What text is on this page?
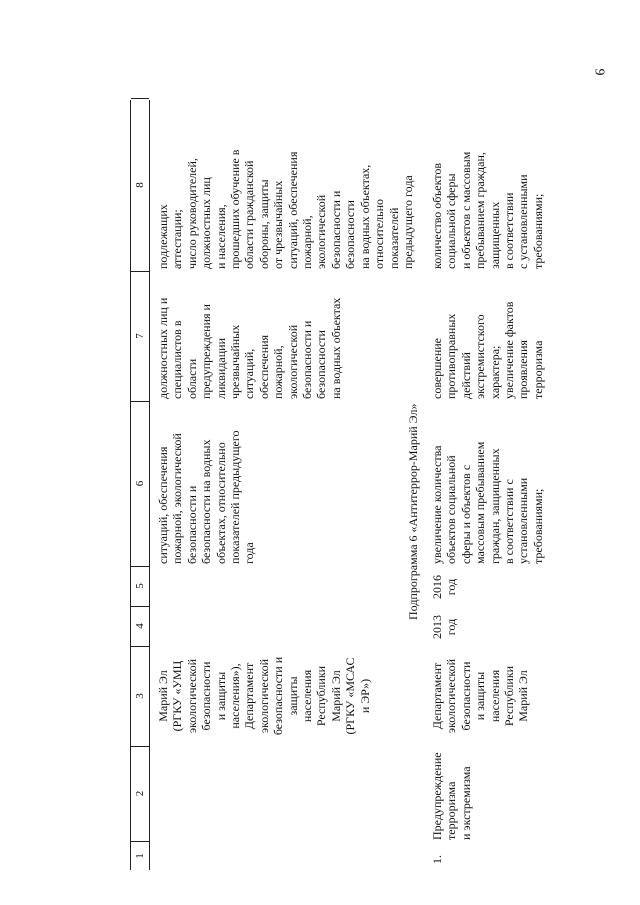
9
1
2
3
4
5
6
7
8
Марий Эл
(РГКУ «УМЦ
экологической
безопасности
и защиты
населения»),
Департамент
экологической
безопасности и
защиты
населения
Республики
Марий Эл
(РГКУ «МСАС
и ЭР»)
ситуаций, обеспечения
пожарной, экологической
безопасности и
безопасности на водных
объектах, относительно
показателей предыдущего
года
должностных лиц и
специалистов в
области
предупреждения и
ликвидации
чрезвычайных
ситуаций,
обеспечения
пожарной,
экологической
безопасности и
безопасности
на водных объектах
подлежащих
аттестации;
число руководителей,
должностных лиц
и населения,
прошедших обучение в
области гражданской
обороны, защиты
от чрезвычайных
ситуаций, обеспечения
пожарной,
экологической
безопасности и
безопасности
на водных объектах,
относительно
показателей
предыдущего года
Подпрограмма 6 «Антитеррор-Марий Эл»
1.
Предупреждение
терроризма
и экстремизма
Департамент
экологической
безопасности
и защиты
населения
Республики
Марий Эл
2013
год
2016
год
увеличение количества
объектов социальной
сферы и объектов с
массовым пребыванием
граждан, защищенных
в соответствии с
установленными
требованиями;
совершение
противоправных
действий
экстремистского
характера;
увеличение фактов
проявления
терроризма
количество объектов
социальной сферы
и объектов с массовым
пребыванием граждан,
защищенных
в соответствии
с установленными
требованиями;
